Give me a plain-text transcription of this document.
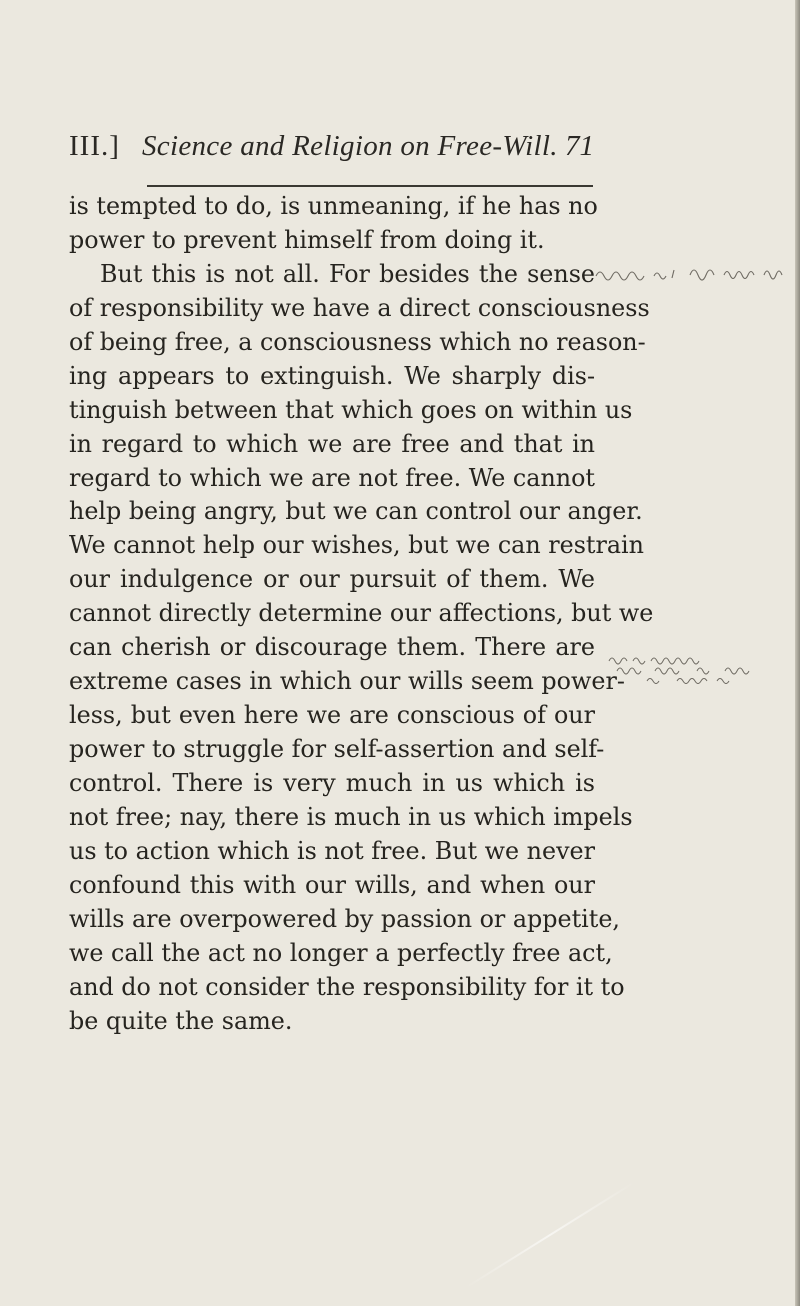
III.] Science and Religion on Free-Will. 71
is tempted to do, is unmeaning, if he has no
power to prevent himself from doing it.
But this is not all. For besides the sense
of responsibility we have a direct consciousness
of being free, a consciousness which no reason-
ing appears to extinguish. We sharply dis-
tinguish between that which goes on within us
in regard to which we are free and that in
regard to which we are not free. We cannot
help being angry, but we can control our anger.
We cannot help our wishes, but we can restrain
our indulgence or our pursuit of them. We
cannot directly determine our affections, but we
can cherish or discourage them. There are
extreme cases in which our wills seem power-
less, but even here we are conscious of our
power to struggle for self-assertion and self-
control. There is very much in us which is
not free; nay, there is much in us which impels
us to action which is not free. But we never
confound this with our wills, and when our
wills are overpowered by passion or appetite,
we call the act no longer a perfectly free act,
and do not consider the responsibility for it to
be quite the same.
